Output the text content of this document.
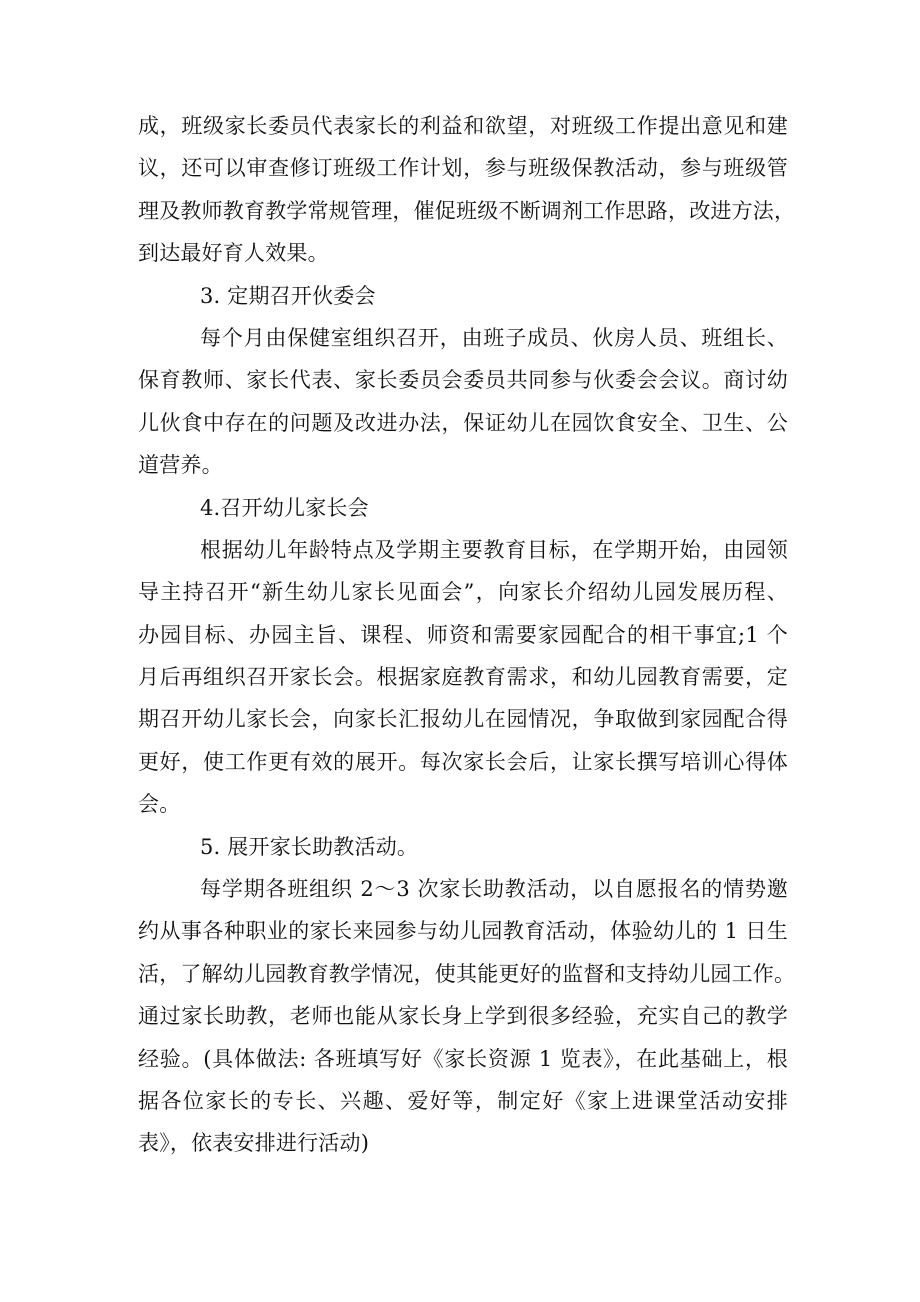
成，班级家长委员代表家长的利益和欲望，对班级工作提出意见和建
议，还可以审查修订班级工作计划，参与班级保教活动，参与班级管
理及教师教育教学常规管理，催促班级不断调剂工作思路，改进方法，
到达最好育人效果。
3. 定期召开伙委会
每个月由保健室组织召开，由班子成员、伙房人员、班组长、
保育教师、家长代表、家长委员会委员共同参与伙委会会议。商讨幼
儿伙食中存在的问题及改进办法，保证幼儿在园饮食安全、卫生、公
道营养。
4.召开幼儿家长会
根据幼儿年龄特点及学期主要教育目标，在学期开始，由园领
导主持召开“新生幼儿家长见面会”，向家长介绍幼儿园发展历程、
办园目标、办园主旨、课程、师资和需要家园配合的相干事宜;1 个
月后再组织召开家长会。根据家庭教育需求，和幼儿园教育需要，定
期召开幼儿家长会，向家长汇报幼儿在园情况，争取做到家园配合得
更好，使工作更有效的展开。每次家长会后，让家长撰写培训心得体
会。
5. 展开家长助教活动。
每学期各班组织 2～3 次家长助教活动，以自愿报名的情势邀
约从事各种职业的家长来园参与幼儿园教育活动，体验幼儿的 1 日生
活，了解幼儿园教育教学情况，使其能更好的监督和支持幼儿园工作。
通过家长助教，老师也能从家长身上学到很多经验，充实自己的教学
经验。(具体做法: 各班填写好《家长资源 1 览表》，在此基础上，根
据各位家长的专长、兴趣、爱好等，制定好《家上进课堂活动安排
表》，依表安排进行活动)
